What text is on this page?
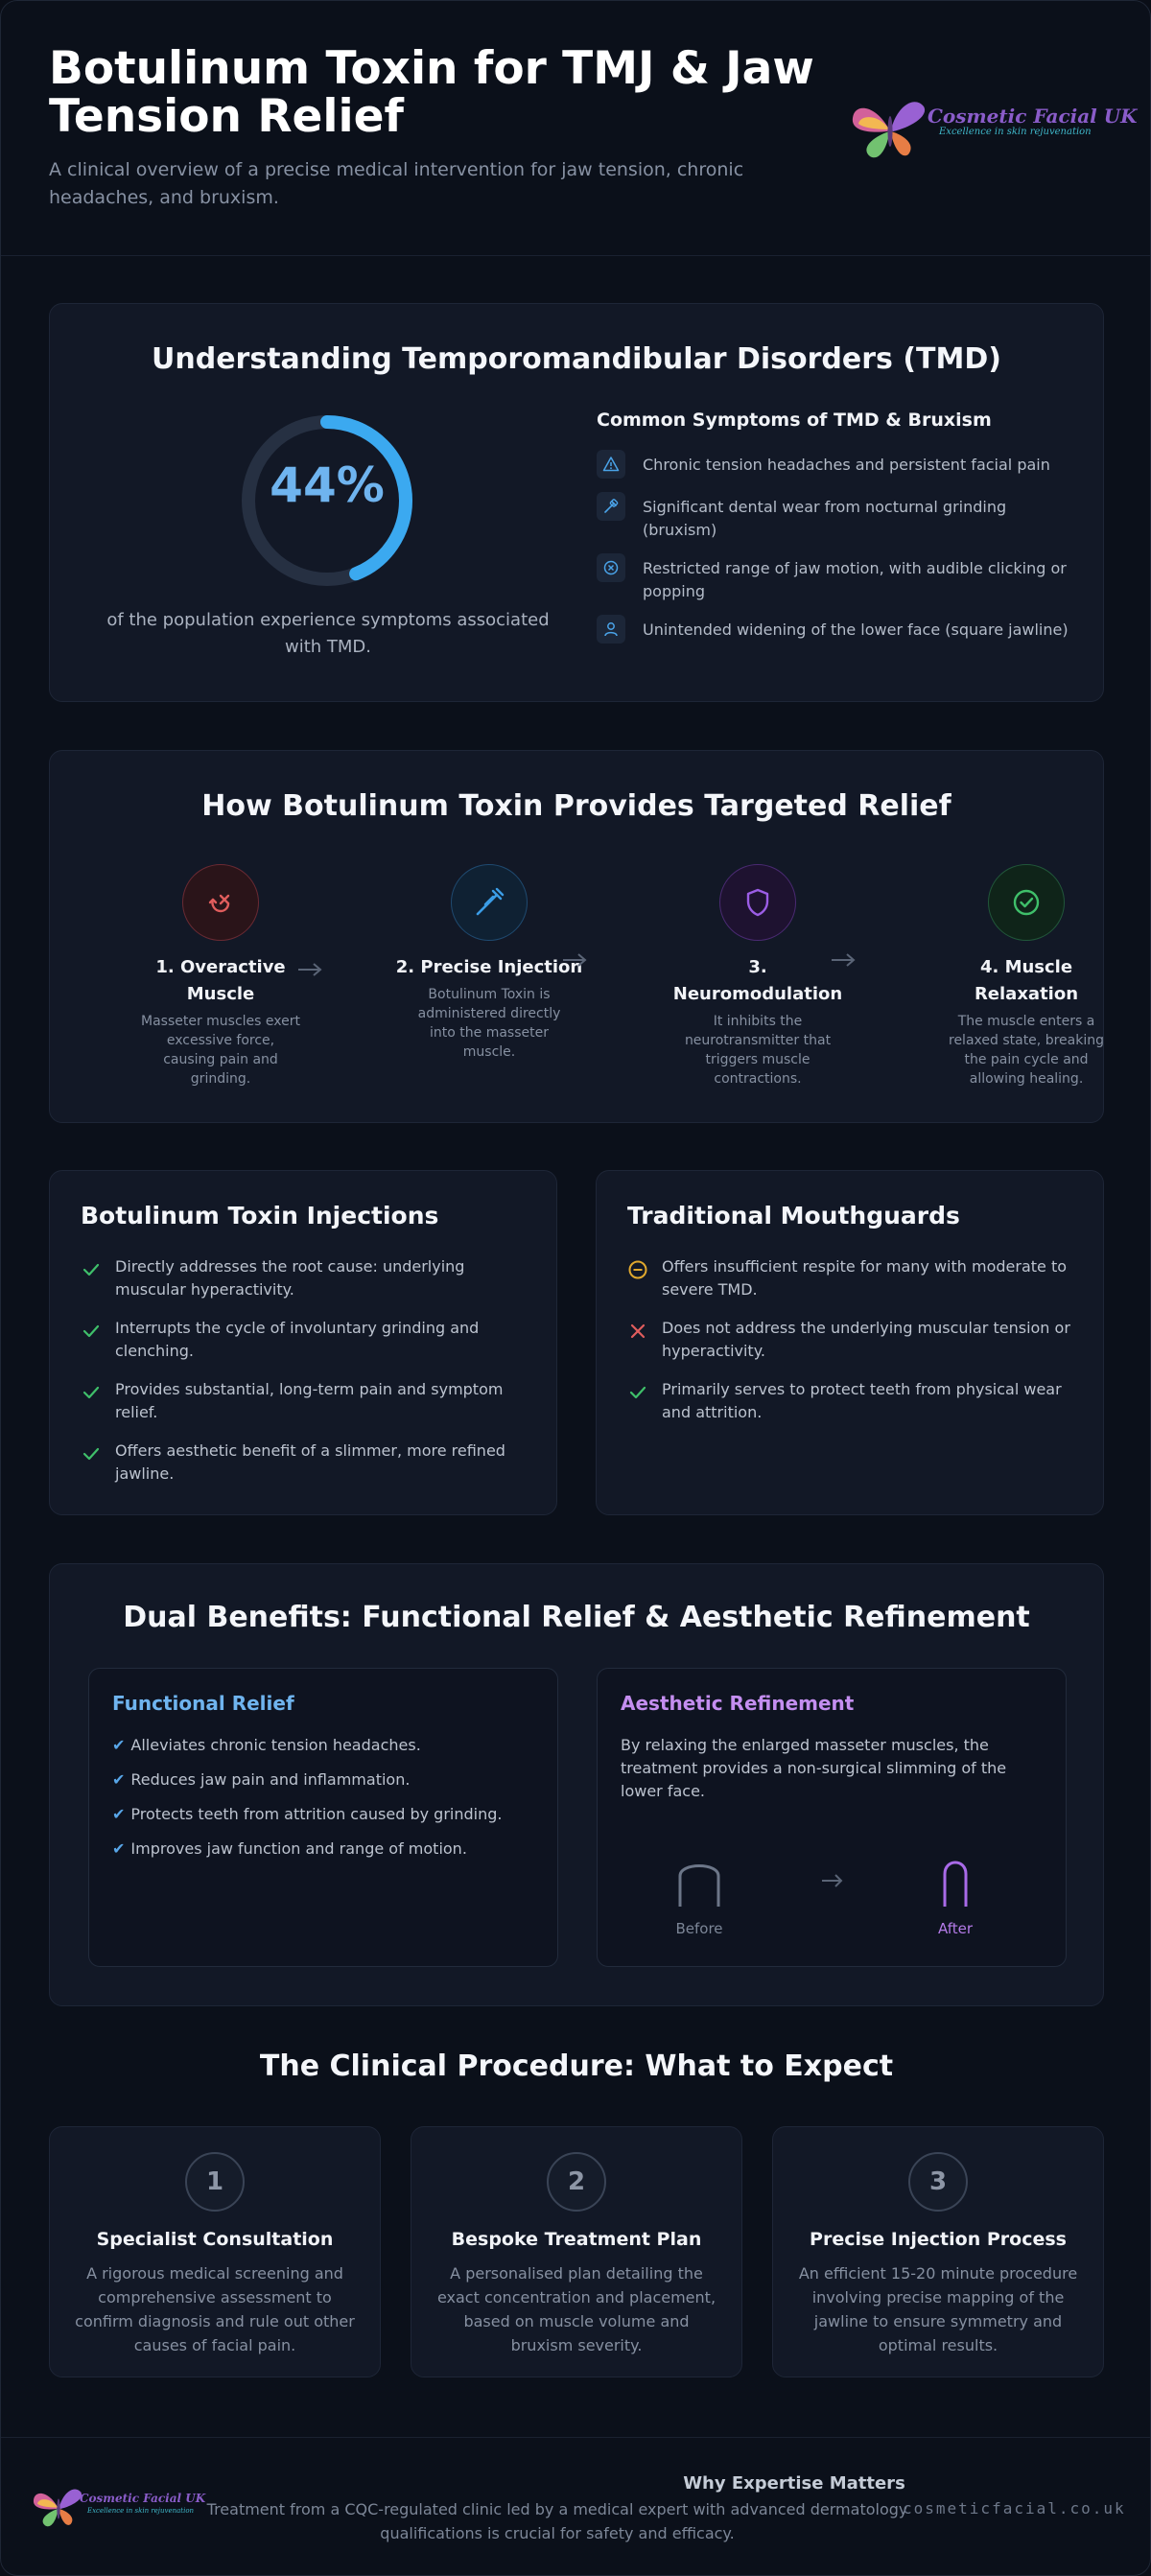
Botulinum Toxin for TMJ & Jaw Tension Relief
A clinical overview of a precise medical intervention for jaw tension, chronic headaches, and bruxism.
Cosmetic Facial UK
Excellence in skin rejuvenation
Understanding Temporomandibular Disorders (TMD)
44%
of the population experience symptoms associated with TMD.
Common Symptoms of TMD & Bruxism
Chronic tension headaches and persistent facial pain
Significant dental wear from nocturnal grinding (bruxism)
Restricted range of jaw motion, with audible clicking or popping
Unintended widening of the lower face (square jawline)
How Botulinum Toxin Provides Targeted Relief
1. Overactive Muscle
Masseter muscles exert excessive force, causing pain and grinding.
2. Precise Injection
Botulinum Toxin is administered directly into the masseter muscle.
3. Neuromodulation
It inhibits the neurotransmitter that triggers muscle contractions.
4. Muscle Relaxation
The muscle enters a relaxed state, breaking the pain cycle and allowing healing.
Botulinum Toxin Injections
Directly addresses the root cause: underlying muscular hyperactivity.
Interrupts the cycle of involuntary grinding and clenching.
Provides substantial, long-term pain and symptom relief.
Offers aesthetic benefit of a slimmer, more refined jawline.
Traditional Mouthguards
Offers insufficient respite for many with moderate to severe TMD.
Does not address the underlying muscular tension or hyperactivity.
Primarily serves to protect teeth from physical wear and attrition.
Dual Benefits: Functional Relief & Aesthetic Refinement
Functional Relief
✔ Alleviates chronic tension headaches.
✔ Reduces jaw pain and inflammation.
✔ Protects teeth from attrition caused by grinding.
✔ Improves jaw function and range of motion.
Aesthetic Refinement
By relaxing the enlarged masseter muscles, the treatment provides a non-surgical slimming of the lower face.
Before	After
The Clinical Procedure: What to Expect
1
Specialist Consultation
A rigorous medical screening and comprehensive assessment to confirm diagnosis and rule out other causes of facial pain.
2
Bespoke Treatment Plan
A personalised plan detailing the exact concentration and placement, based on muscle volume and bruxism severity.
3
Precise Injection Process
An efficient 15-20 minute procedure involving precise mapping of the jawline to ensure symmetry and optimal results.
Cosmetic Facial UK
Excellence in skin rejuvenation
Why Expertise Matters
Treatment from a CQC-regulated clinic led by a medical expert with advanced dermatology qualifications is crucial for safety and efficacy.
cosmeticfacial.co.uk
